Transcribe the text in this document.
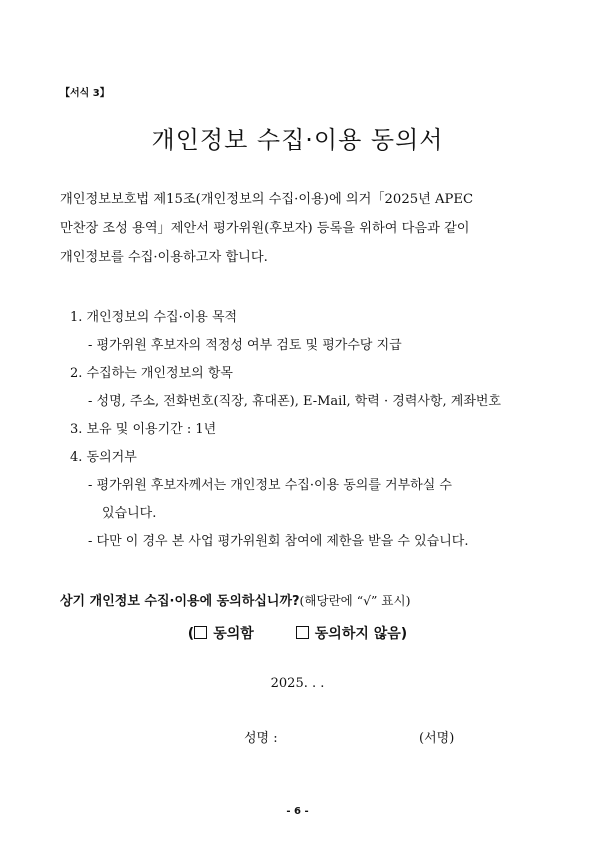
【서식 3】
개인정보 수집·이용 동의서
개인정보보호법 제15조(개인정보의 수집·이용)에 의거「2025년 APEC
만찬장 조성 용역」제안서 평가위원(후보자) 등록을 위하여 다음과 같이
개인정보를 수집·이용하고자 합니다.
1. 개인정보의 수집·이용 목적
- 평가위원 후보자의 적정성 여부 검토 및 평가수당 지급
2. 수집하는 개인정보의 항목
- 성명, 주소, 전화번호(직장, 휴대폰), E-Mail, 학력 · 경력사항, 계좌번호
3. 보유 및 이용기간 : 1년
4. 동의거부
- 평가위원 후보자께서는 개인정보 수집·이용 동의를 거부하실 수
있습니다.
- 다만 이 경우 본 사업 평가위원회 참여에 제한을 받을 수 있습니다.
상기 개인정보 수집·이용에 동의하십니까?(해당란에 “√” 표시)
( 동의함	동의하지 않음)
2025. . .
성명 :	(서명)
- 6 -
